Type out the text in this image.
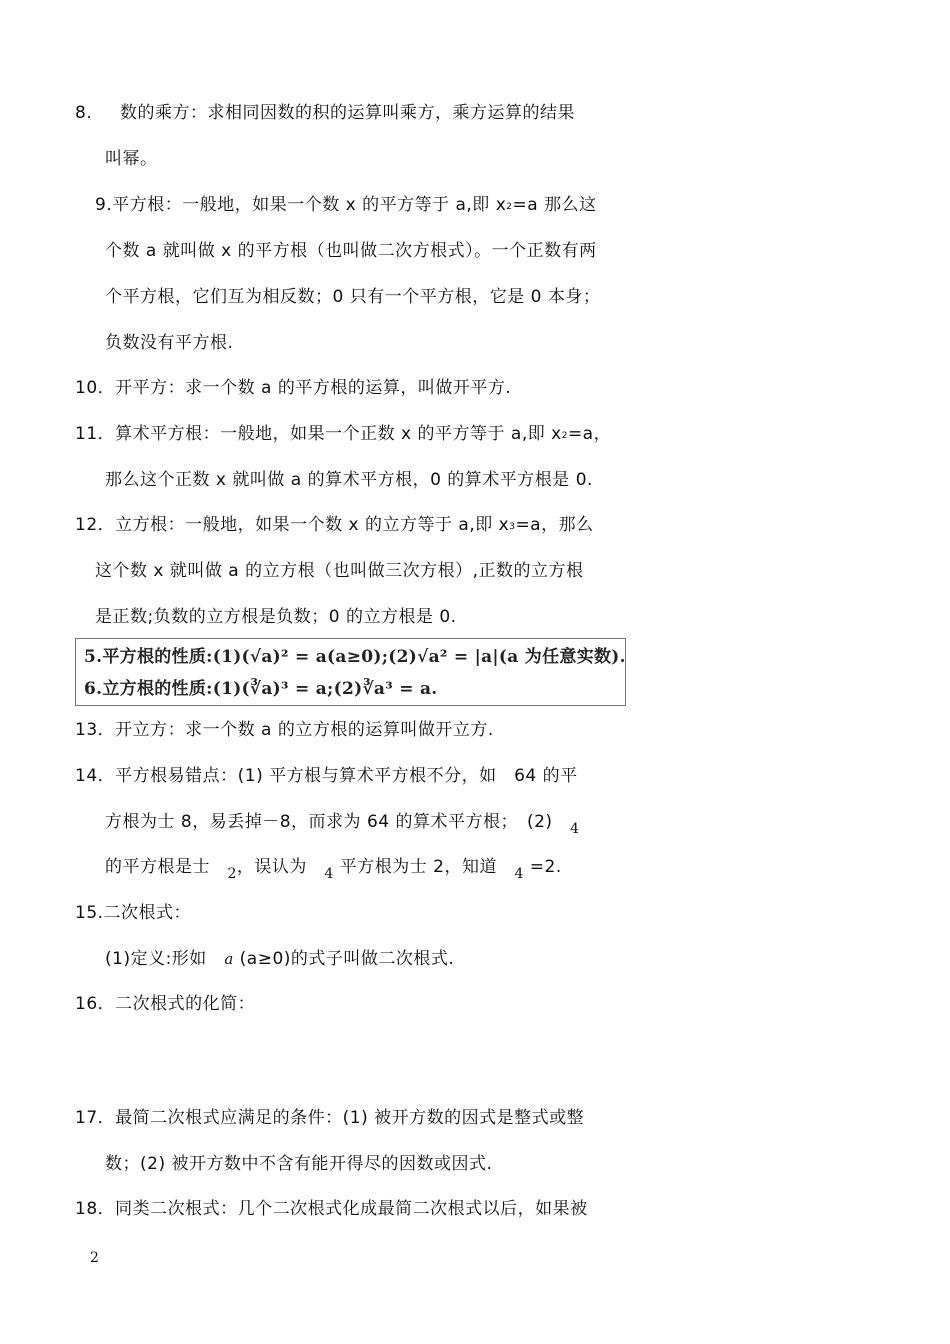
8. 数的乘方：求相同因数的积的运算叫乘方，乘方运算的结果
叫幂。
9.平方根：一般地，如果一个数 x 的平方等于 a,即 x2=a 那么这
个数 a 就叫做 x 的平方根（也叫做二次方根式）。一个正数有两
个平方根，它们互为相反数；0 只有一个平方根，它是 0 本身；
负数没有平方根.
10．开平方：求一个数 a 的平方根的运算，叫做开平方.
11．算术平方根：一般地，如果一个正数 x 的平方等于 a,即 x2=a，
那么这个正数 x 就叫做 a 的算术平方根，0 的算术平方根是 0.
12．立方根：一般地，如果一个数 x 的立方等于 a,即 x3=a，那么
这个数 x 就叫做 a 的立方根（也叫做三次方根）,正数的立方根
是正数;负数的立方根是负数；0 的立方根是 0.
5.平方根的性质:(1)(√a)² = a(a≥0);(2)√a² = |a|(a 为任意实数).
6.立方根的性质:(1)(∛a)³ = a;(2)∛a³ = a.
13．开立方：求一个数 a 的立方根的运算叫做开立方.
14．平方根易错点：(1) 平方根与算术平方根不分，如　64 的平
方根为士 8，易丢掉－8，而求为 64 的算术平方根；　(2)　$_4$
的平方根是士　$_2$，误认为　$_4$ 平方根为士 2，知道　$_4$ =2.
15.二次根式：
(1)定义:形如　a (a≥0)的式子叫做二次根式.
16．二次根式的化简：
17．最简二次根式应满足的条件：(1) 被开方数的因式是整式或整
数；(2) 被开方数中不含有能开得尽的因数或因式.
18．同类二次根式：几个二次根式化成最简二次根式以后，如果被
2
